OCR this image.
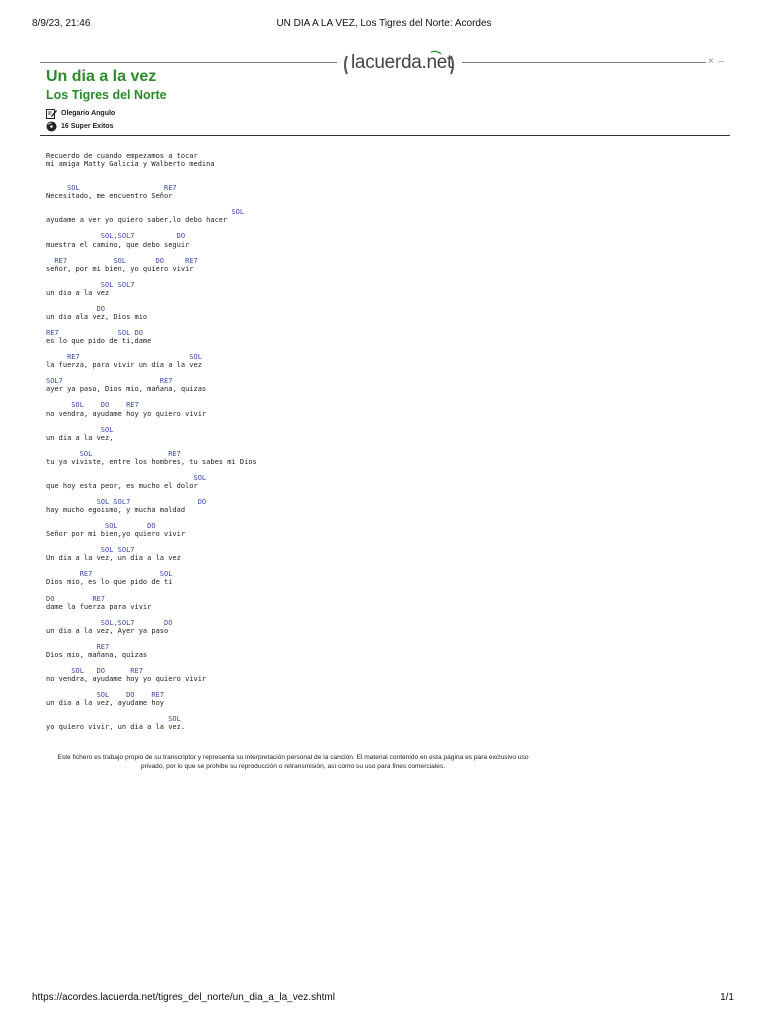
8/9/23, 21:46	UN DIA A LA VEZ, Los Tigres del Norte: Acordes
lacuerda.net	× –
Un dia a la vez
Los Tigres del Norte
Olegario Angulo
16 Super Exitos
Recuerdo de cuando empezamos a tocar
mi amiga Matty Galicia y Walberto medina
SOL                    RE7
Necesitado, me encuentro Señor
SOL
ayudame a ver yo quiero saber,lo debo hacer
SOL,SOL7          DO
muestra el camino, que debo seguir
RE7           SOL       DO     RE7
señor, por mi bien, yo quiero vivir
SOL SOL7
un dia a la vez
DO
un dia ala vez, Dios mio
RE7              SOL DO
es lo que pido de ti,dame
RE7                          SOL
la fuerza, para vivir un dia a la vez
SOL7                       RE7
ayer ya paso, Dios mio, mañana, quizas
SOL    DO    RE7
no vendra, ayudame hoy yo quiero vivir
SOL
un dia a la vez,
SOL                  RE7
tu ya viviste, entre los hombres, tu sabes mi Dios
SOL
que hoy esta peor, es mucho el dolor
SOL SOL7                DO
hay mucho egoismo, y mucha maldad
SOL       DO
Señor por mi bien,yo quiero vivir
SOL SOL7
Un dia a la vez, un dia a la vez
RE7                SOL
Dios mio, es lo que pido de ti
DO         RE7
dame la fuerza para vivir
SOL,SOL7       DO
un dia a la vez, Ayer ya paso
RE7
Dios mio, mañana, quizas
SOL   DO      RE7
no vendra, ayudame hoy yo quiero vivir
SOL    DO    RE7
un dia a la vez, ayudame hoy
SOL
yo quiero vivir, un dia a la vez.
Este fichero es trabajo propio de su transcriptor y representa su interpretación personal de la canción. El material contenido en esta página es para exclusivo uso privado, por lo que se prohibe su reproducción o retransmisión, así como su uso para fines comerciales.
https://acordes.lacuerda.net/tigres_del_norte/un_dia_a_la_vez.shtml	1/1
